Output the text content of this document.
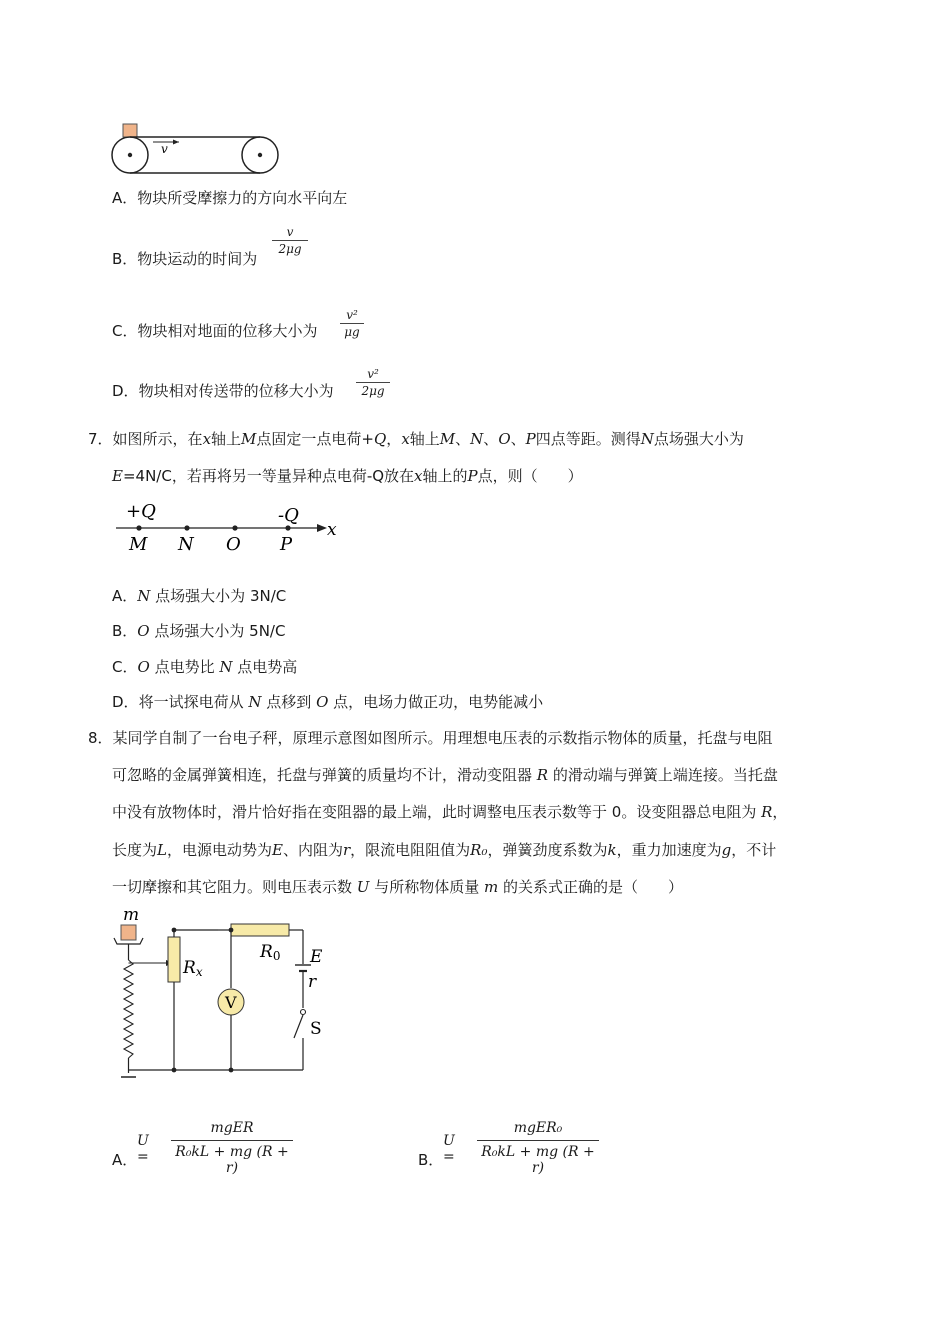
v
A．物块所受摩擦力的方向水平向左
B．物块运动的时间为
v
2μg
C．物块相对地面的位移大小为
v²
μg
D．物块相对传送带的位移大小为
v²
2μg
7．如图所示，在x轴上M点固定一点电荷+Q，x轴上M、N、O、P四点等距。测得N点场强大小为
E=4N/C，若再将另一等量异种点电荷-Q放在x轴上的P点，则（　　）
x
+Q	-Q
M N O P
A．N 点场强大小为 3N/C
B．O 点场强大小为 5N/C
C．O 点电势比 N 点电势高
D．将一试探电荷从 N 点移到 O 点，电场力做正功，电势能减小
8．某同学自制了一台电子秤，原理示意图如图所示。用理想电压表的示数指示物体的质量，托盘与电阻
可忽略的金属弹簧相连，托盘与弹簧的质量均不计，滑动变阻器 R 的滑动端与弹簧上端连接。当托盘
中没有放物体时，滑片恰好指在变阻器的最上端，此时调整电压表示数等于 0。设变阻器总电阻为 R，
长度为L，电源电动势为E、内阻为r，限流电阻阻值为R₀，弹簧劲度系数为k，重力加速度为g，不计
一切摩擦和其它阻力。则电压表示数 U 与所称物体质量 m 的关系式正确的是（　　）
m
Rx
R0 E
r
S
V
A．
U =
mgER
R₀kL + mg (R + r)	B．
U =
mgER₀
R₀kL + mg (R + r)
